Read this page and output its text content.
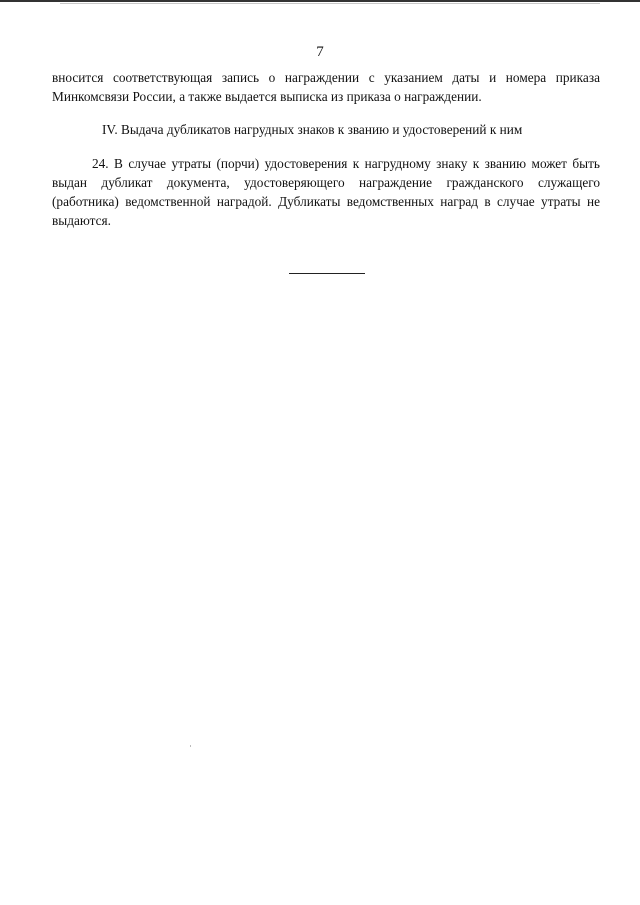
7
вносится соответствующая запись о награждении с указанием даты и номера приказа Минкомсвязи России, а также выдается выписка из приказа о награждении.
IV. Выдача дубликатов нагрудных знаков к званию и удостоверений к ним
24. В случае утраты (порчи) удостоверения к нагрудному знаку к званию может быть выдан дубликат документа, удостоверяющего награждение гражданского служащего (работника) ведомственной наградой. Дубликаты ведомственных наград в случае утраты не выдаются.
